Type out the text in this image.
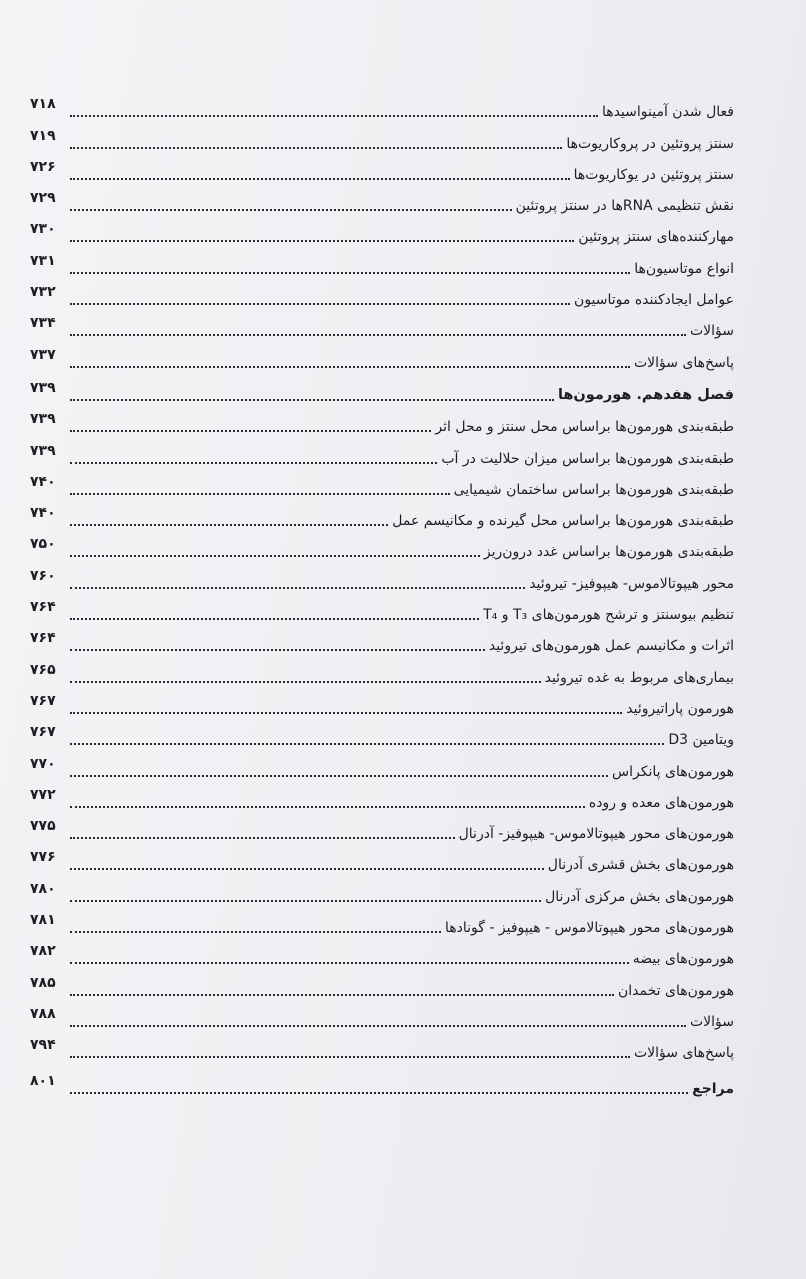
فعال شدن آمینواسیدها
۷۱۸
سنتز پروتئین در پروکاریوت‌ها
۷۱۹
سنتز پروتئین در یوکاریوت‌ها
۷۲۶
نقش تنظیمی RNAها در سنتز پروتئین
۷۲۹
مهارکننده‌های سنتز پروتئین
۷۳۰
انواع موتاسیون‌ها
۷۳۱
عوامل ایجادکننده موتاسیون
۷۳۲
سؤالات
۷۳۴
پاسخ‌های سؤالات
۷۳۷
فصل هفدهم. هورمون‌ها
۷۳۹
طبقه‌بندی هورمون‌ها براساس محل سنتز و محل اثر
۷۳۹
طبقه‌بندی هورمون‌ها براساس میزان حلالیت در آب
۷۳۹
طبقه‌بندی هورمون‌ها براساس ساختمان شیمیایی
۷۴۰
طبقه‌بندی هورمون‌ها براساس محل گیرنده و مکانیسم عمل
۷۴۰
طبقه‌بندی هورمون‌ها براساس غدد درون‌ریز
۷۵۰
محور هیپوتالاموس- هیپوفیز- تیروئید
۷۶۰
تنظیم بیوسنتز و ترشح هورمون‌های T₃ و T₄
۷۶۴
اثرات و مکانیسم عمل هورمون‌های تیروئید
۷۶۴
بیماری‌های مربوط به غده تیروئید
۷۶۵
هورمون پاراتیروئید
۷۶۷
ویتامین D3
۷۶۷
هورمون‌های پانکراس
۷۷۰
هورمون‌های معده و روده
۷۷۲
هورمون‌های محور هیپوتالاموس- هیپوفیز- آدرنال
۷۷۵
هورمون‌های بخش قشری آدرنال
۷۷۶
هورمون‌های بخش مرکزی آدرنال
۷۸۰
هورمون‌های محور هیپوتالاموس - هیپوفیز - گونادها
۷۸۱
هورمون‌های بیضه
۷۸۲
هورمون‌های تخمدان
۷۸۵
سؤالات
۷۸۸
پاسخ‌های سؤالات
۷۹۴
مراجع
۸۰۱
